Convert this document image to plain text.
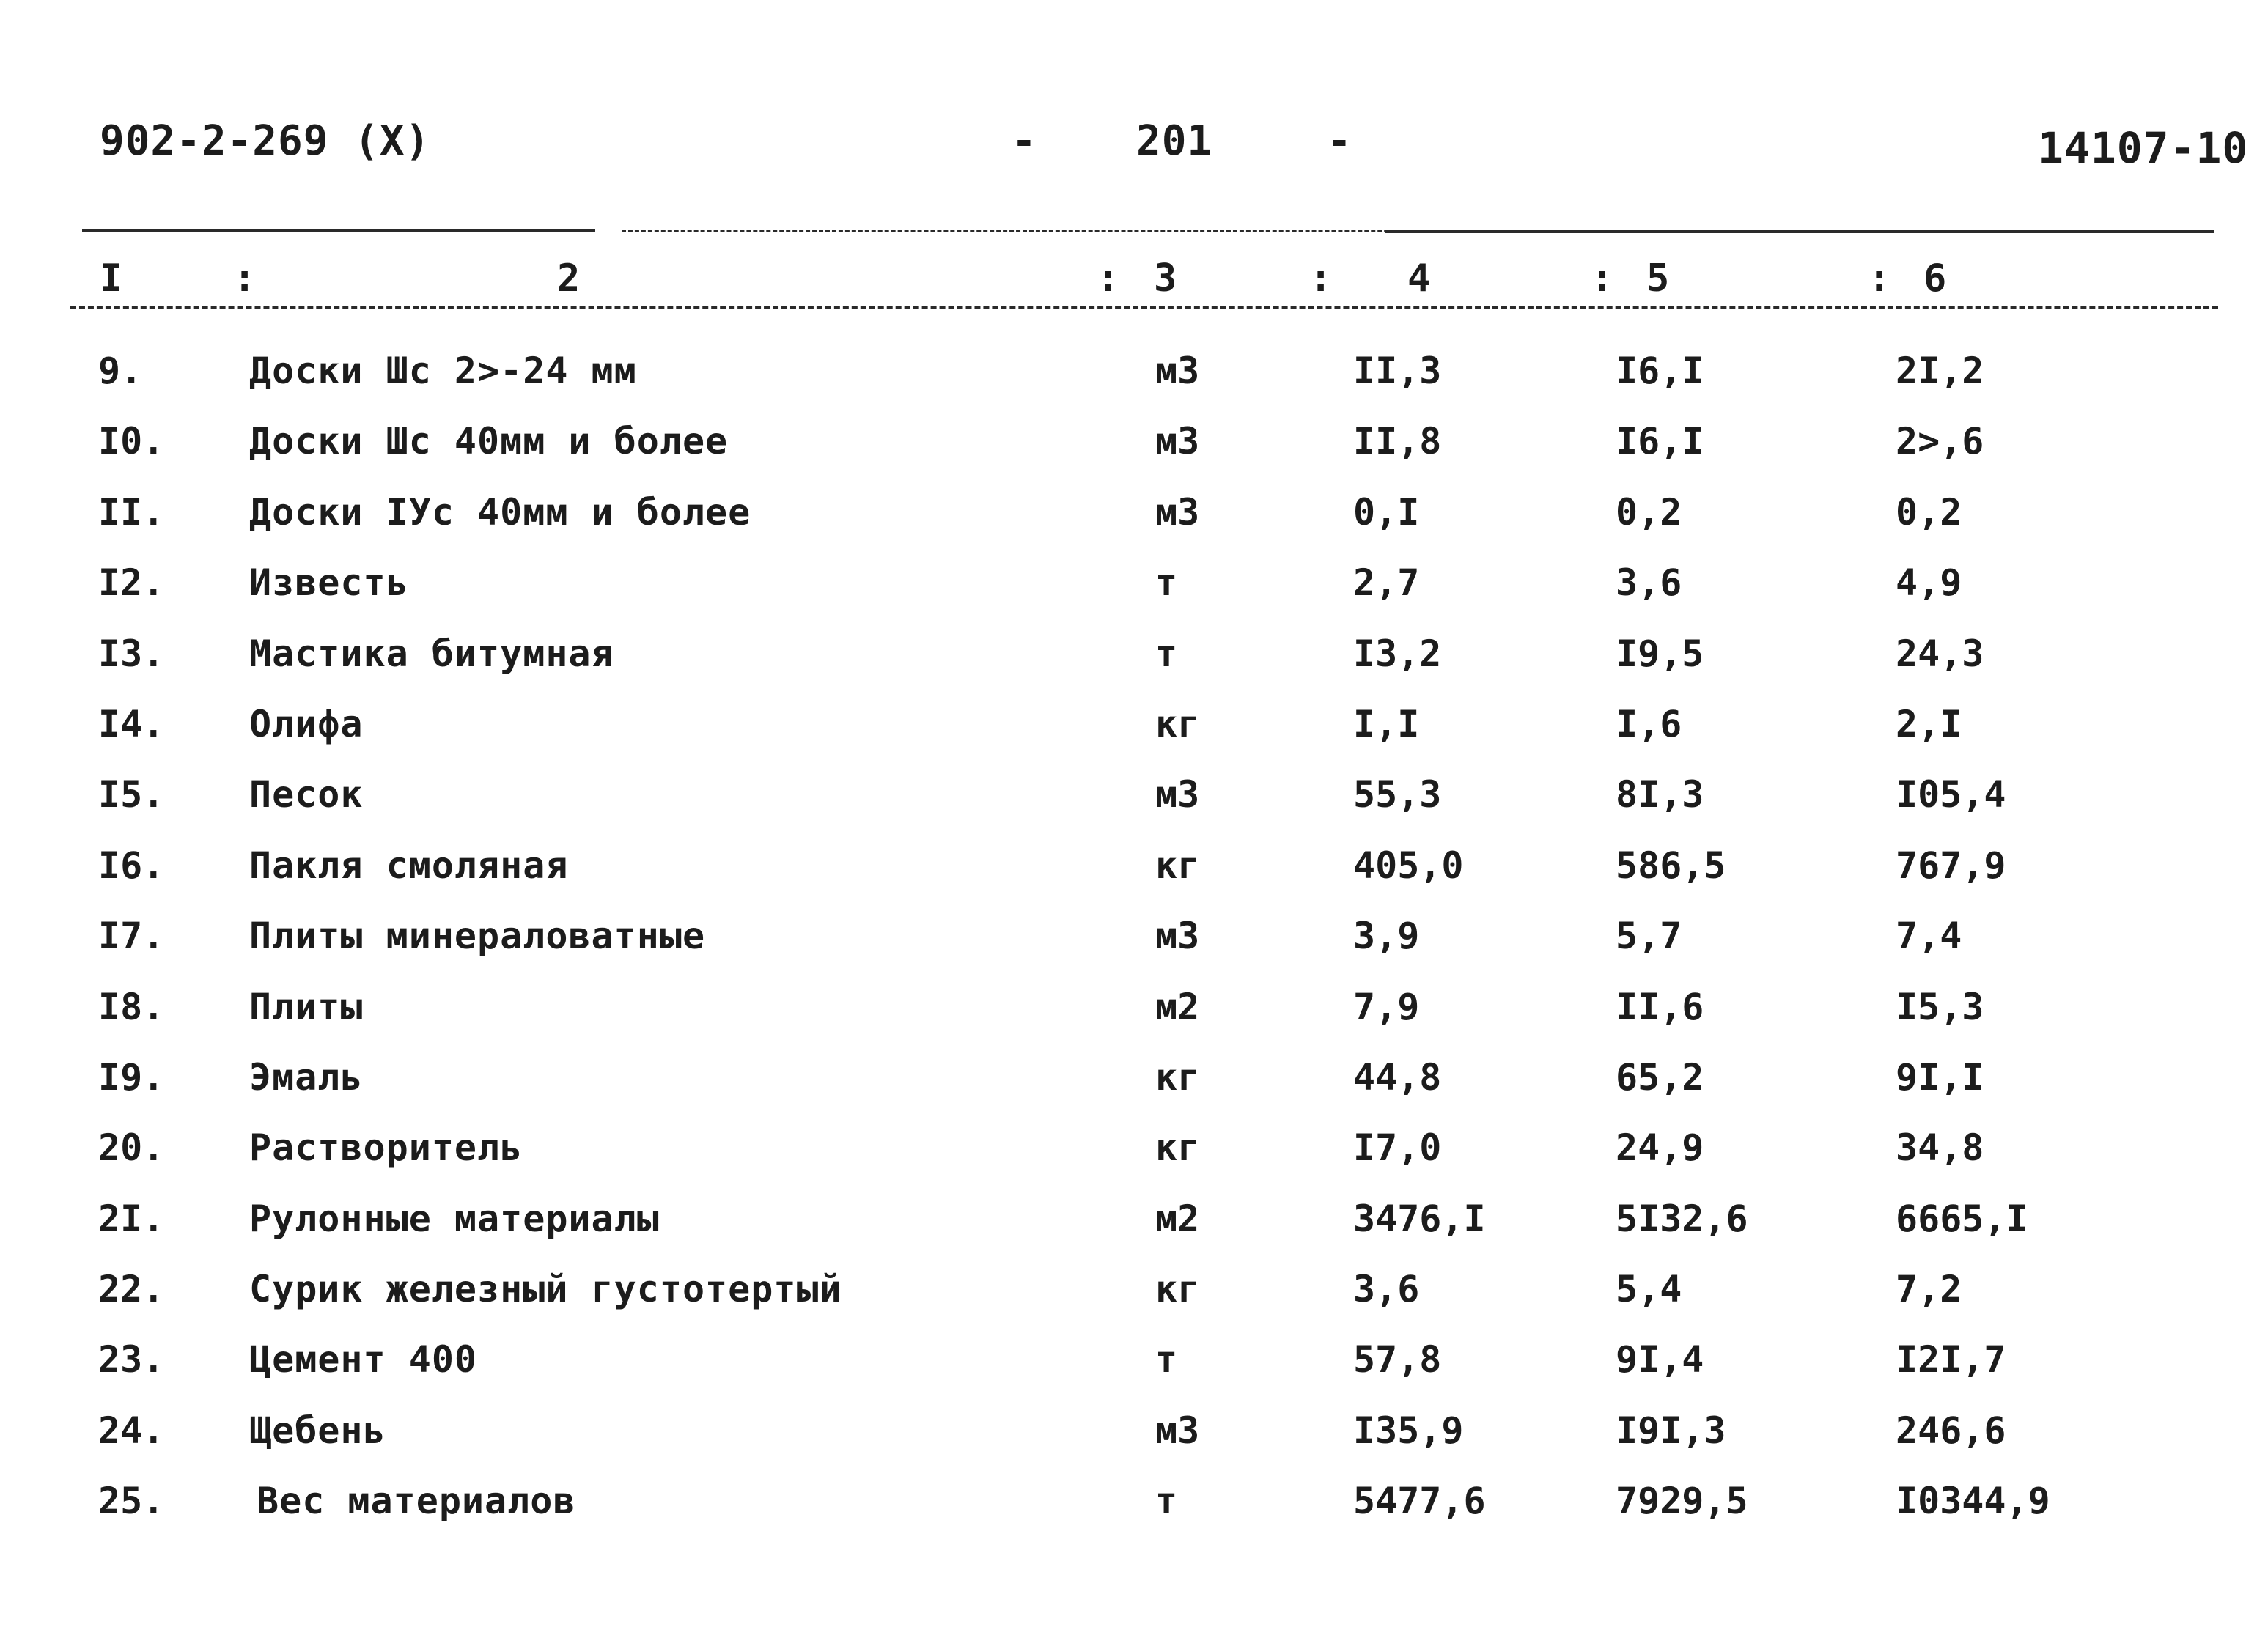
902-2-269 (X)	- 201	-	14107-10
I	:	2	: 3	: 4	: 5	: 6
9.	Доски Шс 2>-24 мм	м3	II,3	I6,I	2I,2
I0. Доски Шс 40мм и более	м3	II,8	I6,I	2>,6
II. Доски IУс 40мм и более	м3	0,I	0,2	0,2
I2. Известь	т	2,7	3,6	4,9
I3. Мастика битумная	т	I3,2	I9,5	24,3
I4. Олифа	кг	I,I	I,6	2,I
I5. Песок	м3	55,3	8I,3	I05,4
I6. Пакля смоляная	кг	405,0	586,5	767,9
I7. Плиты минераловатные	м3	3,9	5,7	7,4
I8. Плиты	м2	7,9	II,6	I5,3
I9. Эмаль	кг	44,8	65,2	9I,I
20. Растворитель	кг	I7,0	24,9	34,8
2I. Рулонные материалы	м2	3476,I	5I32,6	6665,I
22. Сурик железный густотертый	кг	3,6	5,4	7,2
23. Цемент 400	т	57,8	9I,4	I2I,7
24. Щебень	м3	I35,9	I9I,3	246,6
25.	Вес материалов	т	5477,6	7929,5	I0344,9
